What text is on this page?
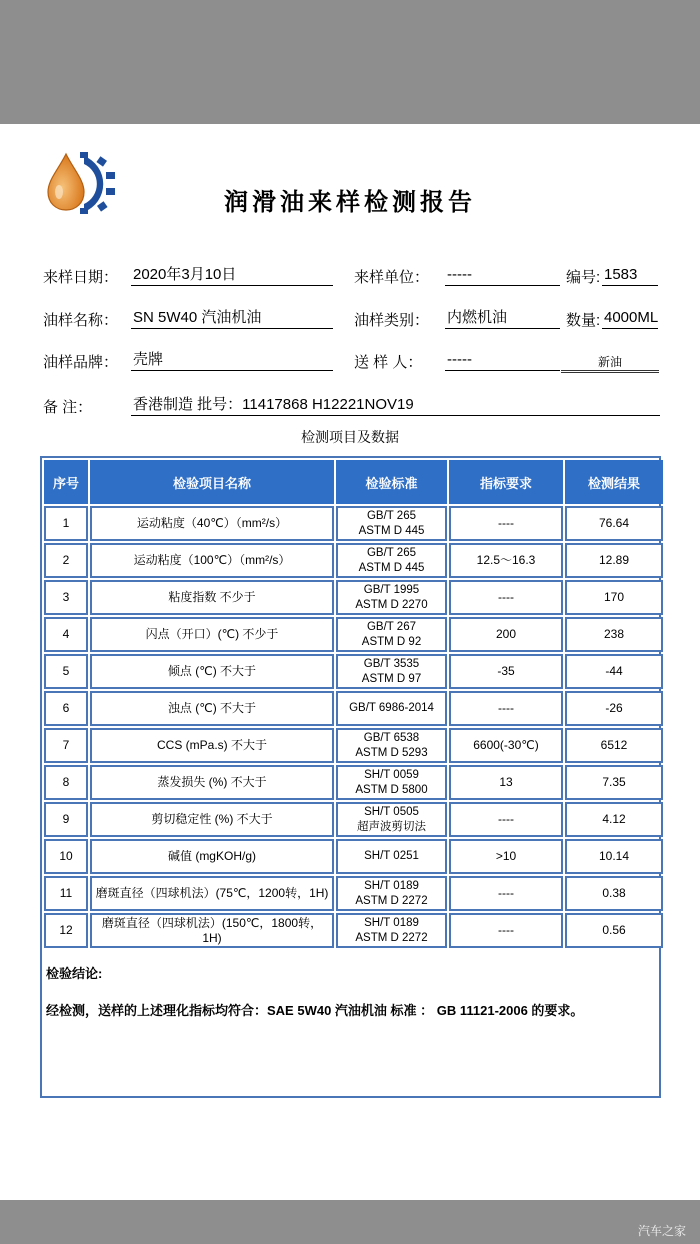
润滑油来样检测报告
来样日期： 2020年3月10日	来样单位： -----	编号: 1583
油样名称： SN 5W40 汽油机油	油样类别： 内燃机油	数量: 4000ML
油样品牌： 壳牌	送 样 人： -----	新油
备 注：	香港制造 批号：11417868 H12221NOV19
检测项目及数据
序号	检验项目名称	检验标准	指标要求	检测结果
1	运动粘度（40℃）（mm²/s）	GB/T 265
ASTM D 445	----	76.64
2	运动粘度（100℃）（mm²/s）	GB/T 265
ASTM D 445	12.5～16.3	12.89
3	粘度指数 不少于	GB/T 1995
ASTM D 2270	----	170
4	闪点（开口）(℃) 不少于	GB/T 267
ASTM D 92	200	238
5	倾点 (℃) 不大于	GB/T 3535
ASTM D 97	-35	-44
6	浊点 (℃) 不大于	GB/T 6986-2014	----	-26
7	CCS (mPa.s) 不大于	GB/T 6538
ASTM D 5293	6600(-30℃)	6512
8	蒸发损失 (%) 不大于	SH/T 0059
ASTM D 5800	13	7.35
9	剪切稳定性 (%) 不大于	SH/T 0505
超声波剪切法	----	4.12
10	碱值 (mgKOH/g)	SH/T 0251	>10	10.14
11	磨斑直径（四球机法）(75℃，1200转，1H)	SH/T 0189
ASTM D 2272	----	0.38
12	磨斑直径（四球机法）(150℃，1800转，1H)	SH/T 0189
ASTM D 2272	----	0.56
检验结论:
经检测，送样的上述理化指标均符合：SAE 5W40 汽油机油 标准 ： GB 11121-2006 的要求。
汽车之家
